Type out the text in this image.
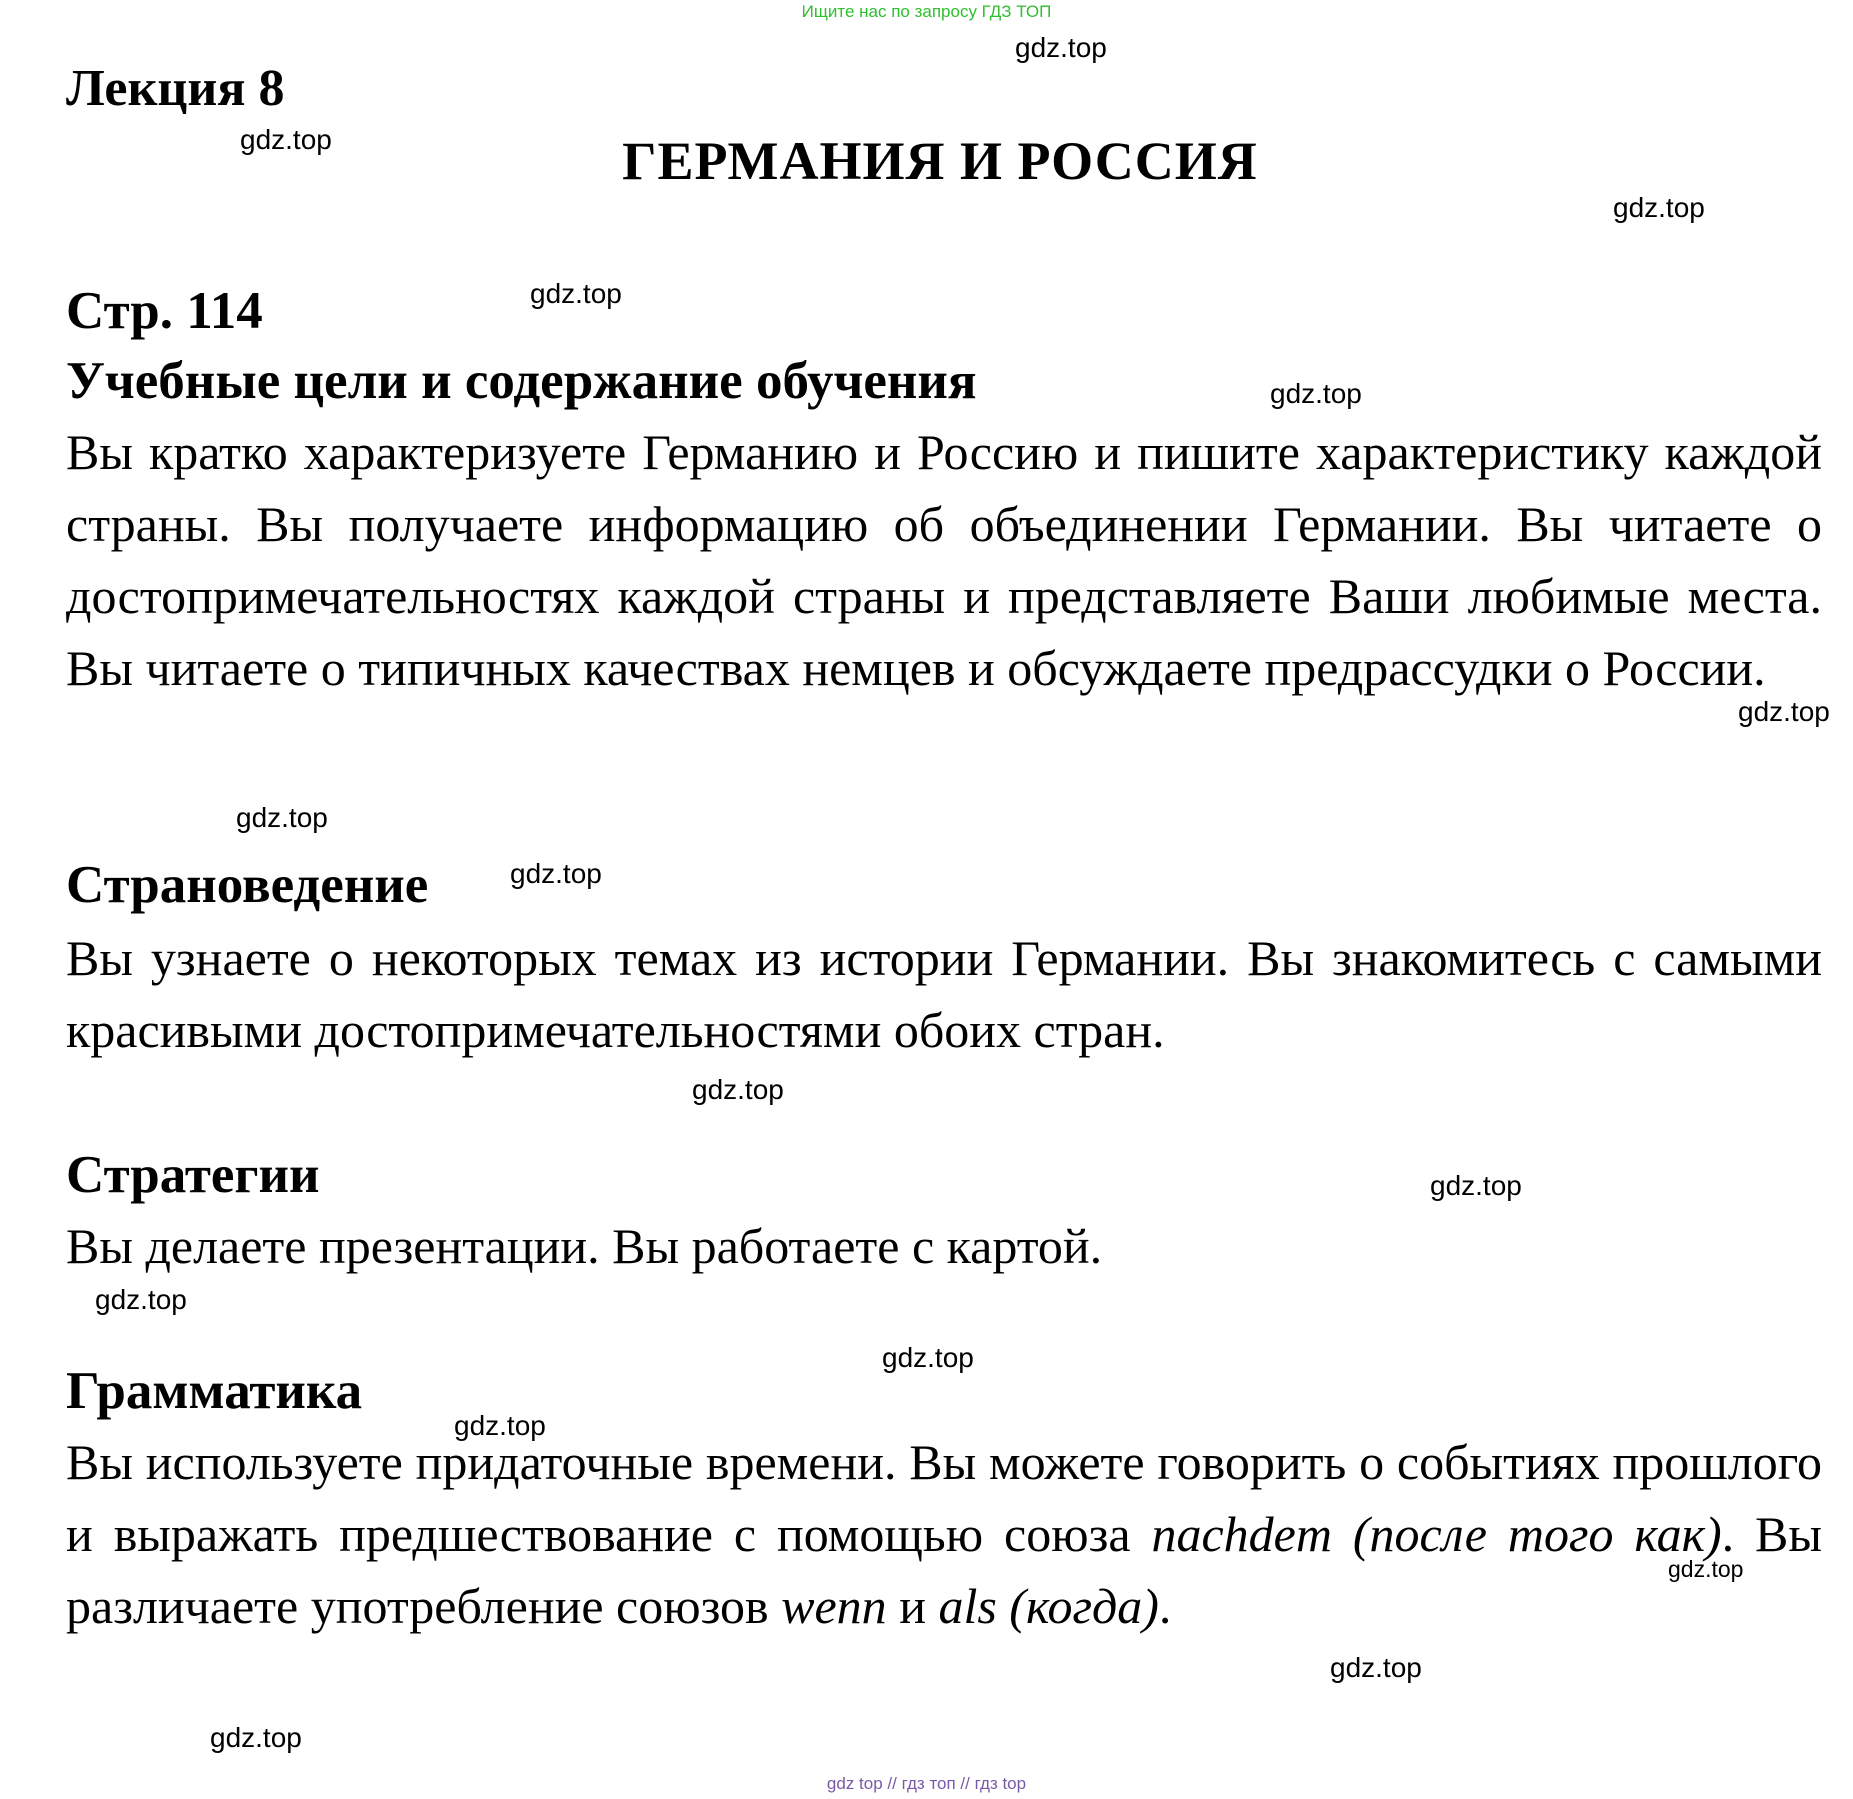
Ищите нас по запросу ГДЗ ТОП
Лекция 8
ГЕРМАНИЯ И РОССИЯ
Стр. 114
Учебные цели и содержание обучения
Вы кратко характеризуете Германию и Россию и пишите характеристику каждой страны. Вы получаете информацию об объединении Германии. Вы читаете о достопримечательностях каждой страны и представляете Ваши любимые места. Вы читаете о типичных качествах немцев и обсуждаете предрассудки о России.
Страноведение
Вы узнаете о некоторых темах из истории Германии. Вы знакомитесь с самыми красивыми достопримечательностями обоих стран.
Стратегии
Вы делаете презентации. Вы работаете с картой.
Грамматика
Вы используете придаточные времени. Вы можете говорить о событиях прошлого и выражать предшествование с помощью союза nachdem (после того как). Вы различаете употребление союзов wenn и als (когда).
gdz.top
gdz.top
gdz.top
gdz.top
gdz.top
gdz.top
gdz.top
gdz.top
gdz.top
gdz.top
gdz.top
gdz.top
gdz.top
gdz.top
gdz.top
gdz.top
gdz top // гдз топ // гдз top
